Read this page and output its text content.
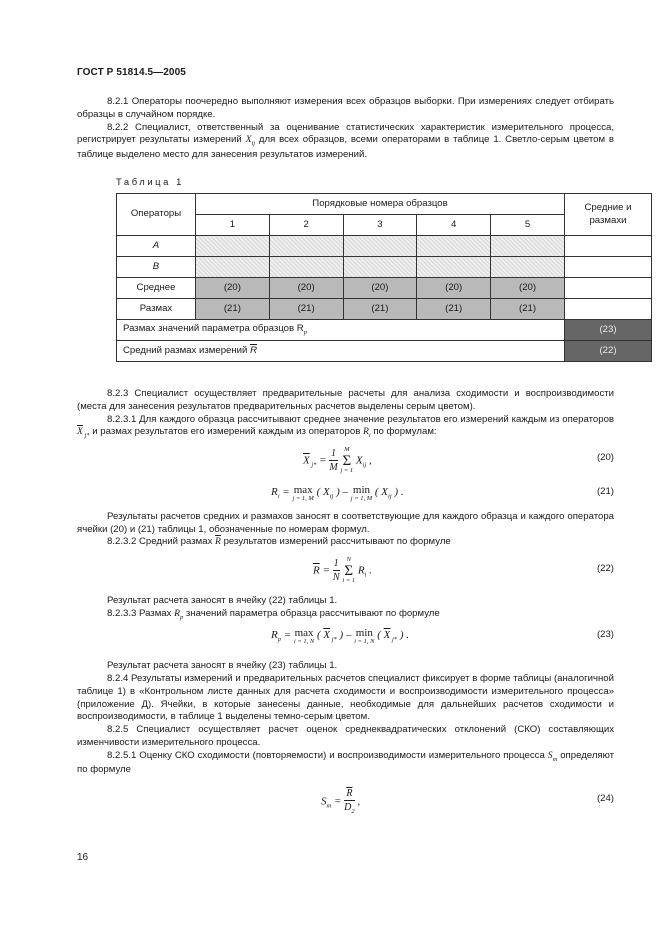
ГОСТ Р 51814.5—2005

8.2.1 Операторы поочередно выполняют измерения всех образцов выборки. При измерениях следует отбирать образцы в случайном порядке.

8.2.2 Специалист, ответственный за оценивание статистических характеристик измерительного процесса, регистрирует результаты измерений $X_{ij}$ для всех образцов, всеми операторами в таблице 1. Светло-серым цветом в таблице выделено место для занесения результатов измерений.

Таблица 1
Операторы	Порядковые номера образцов					Средние и размахи
	1	2	3	4	5	
A						
B						
Среднее	(20)	(20)	(20)	(20)	(20)	
Размах	(21)	(21)	(21)	(21)	(21)	
Размах значений параметра образцов $R_p$						(23)
Средний размах измерений $\overline{R}$						(22)

8.2.3 Специалист осуществляет предварительные расчеты для анализа сходимости и воспроизводимости (места для занесения результатов предварительных расчетов выделены серым цветом).

8.2.3.1 Для каждого образца рассчитывают среднее значение результатов его измерений каждым из операторов $\overline{X}$ $_{j*}$ и размах результатов его измерений каждым из операторов $R_i$ по формулам:

$\overline{X}$ $_{j*} = \frac{1}{M}$ M
Σ
j = 1 $X_{ij}$ ,	(20)
$R_i = \max$
j = 1, M
( $X_{ij}$ ) – min
j = 1, M
( $X_{ij}$ ) .	(21)

Результаты расчетов средних и размахов заносят в соответствующие для каждого образца и каждого оператора ячейки (20) и (21) таблицы 1, обозначенные по номерам формул.

8.2.3.2 Средний размах $\overline{R}$ результатов измерений рассчитывают по формуле

$\overline{R} = \frac{1}{N}$ N
Σ
i = 1 $R_i$ .	(22)

Результат расчета заносят в ячейку (22) таблицы 1.

8.2.3.3 Размах $R_p$ значений параметра образца рассчитывают по формуле

$R_p = \max$
i = 1, N
( $\overline{X}$ $_{j*}$ ) – min
i = 1, N
( $\overline{X}$ $_{j*}$ ) .	(23)

Результат расчета заносят в ячейку (23) таблицы 1.

8.2.4 Результаты измерений и предварительных расчетов специалист фиксирует в форме таблицы (аналогичной таблице 1) в «Контрольном листе данных для расчета сходимости и воспроизводимости измерительного процесса» (приложение Д). Ячейки, в которые занесены данные, необходимые для дальнейших расчетов сходимости и воспроизводимости, в таблице 1 выделены темно-серым цветом.

8.2.5 Специалист осуществляет расчет оценок среднеквадратических отклонений (СКО) составляющих изменчивости измерительного процесса.

8.2.5.1 Оценку СКО сходимости (повторяемости) и воспроизводимости измерительного процесса $S_m$ определяют по формуле

$S_m = \frac{\overline{R}}{D_2}$ ,	(24)
16
